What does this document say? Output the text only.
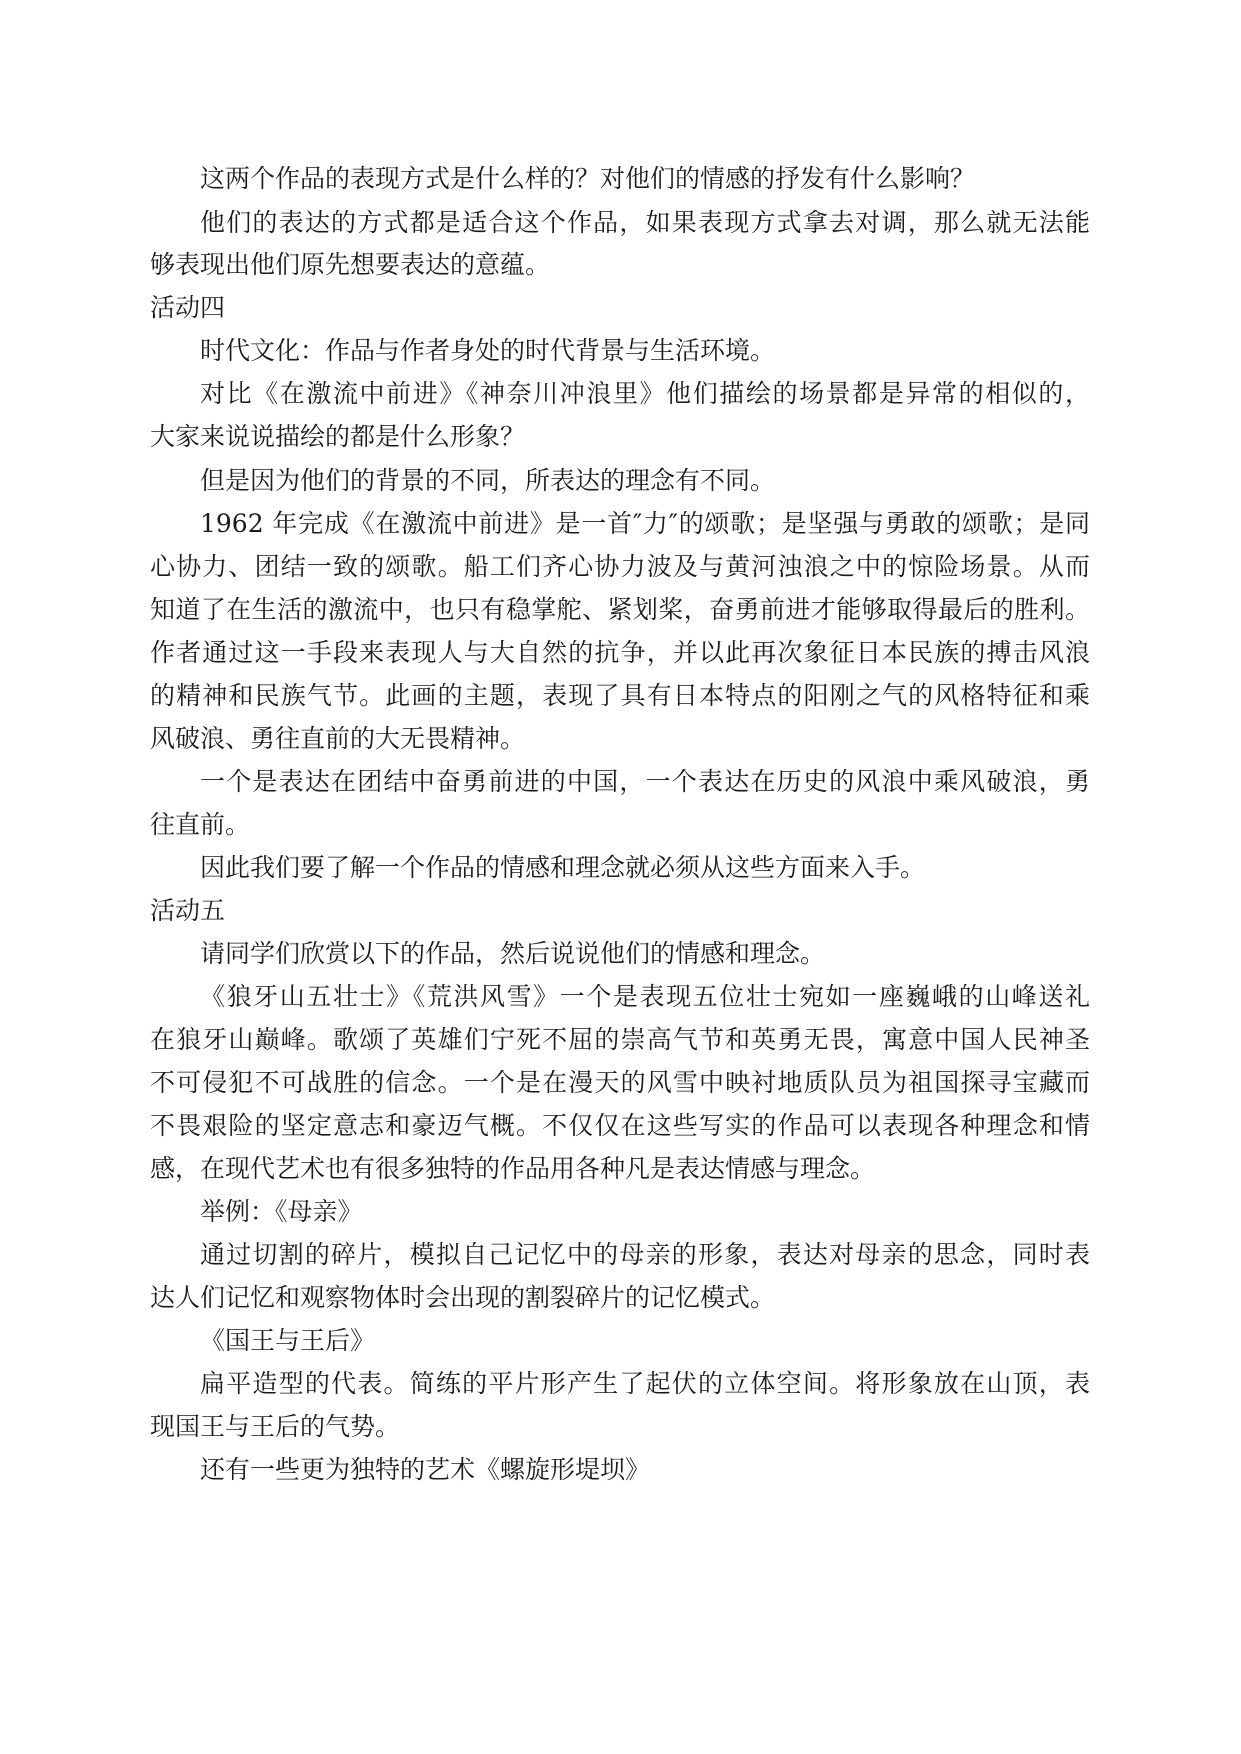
这两个作品的表现方式是什么样的？对他们的情感的抒发有什么影响？
他们的表达的方式都是适合这个作品，如果表现方式拿去对调，那么就无法能
够表现出他们原先想要表达的意蕴。
活动四
时代文化：作品与作者身处的时代背景与生活环境。
对比《在激流中前进》《神奈川冲浪里》他们描绘的场景都是异常的相似的，
大家来说说描绘的都是什么形象？
但是因为他们的背景的不同，所表达的理念有不同。
1962 年完成《在激流中前进》是一首″力″的颂歌；是坚强与勇敢的颂歌；是同
心协力、团结一致的颂歌。船工们齐心协力波及与黄河浊浪之中的惊险场景。从而
知道了在生活的激流中，也只有稳掌舵、紧划桨，奋勇前进才能够取得最后的胜利。
作者通过这一手段来表现人与大自然的抗争，并以此再次象征日本民族的搏击风浪
的精神和民族气节。此画的主题，表现了具有日本特点的阳刚之气的风格特征和乘
风破浪、勇往直前的大无畏精神。
一个是表达在团结中奋勇前进的中国，一个表达在历史的风浪中乘风破浪，勇
往直前。
因此我们要了解一个作品的情感和理念就必须从这些方面来入手。
活动五
请同学们欣赏以下的作品，然后说说他们的情感和理念。
《狼牙山五壮士》《荒洪风雪》一个是表现五位壮士宛如一座巍峨的山峰送礼
在狼牙山巅峰。歌颂了英雄们宁死不屈的崇高气节和英勇无畏，寓意中国人民神圣
不可侵犯不可战胜的信念。一个是在漫天的风雪中映衬地质队员为祖国探寻宝藏而
不畏艰险的坚定意志和豪迈气概。不仅仅在这些写实的作品可以表现各种理念和情
感，在现代艺术也有很多独特的作品用各种凡是表达情感与理念。
举例：《母亲》
通过切割的碎片，模拟自己记忆中的母亲的形象，表达对母亲的思念，同时表
达人们记忆和观察物体时会出现的割裂碎片的记忆模式。
《国王与王后》
扁平造型的代表。简练的平片形产生了起伏的立体空间。将形象放在山顶，表
现国王与王后的气势。
还有一些更为独特的艺术《螺旋形堤坝》
